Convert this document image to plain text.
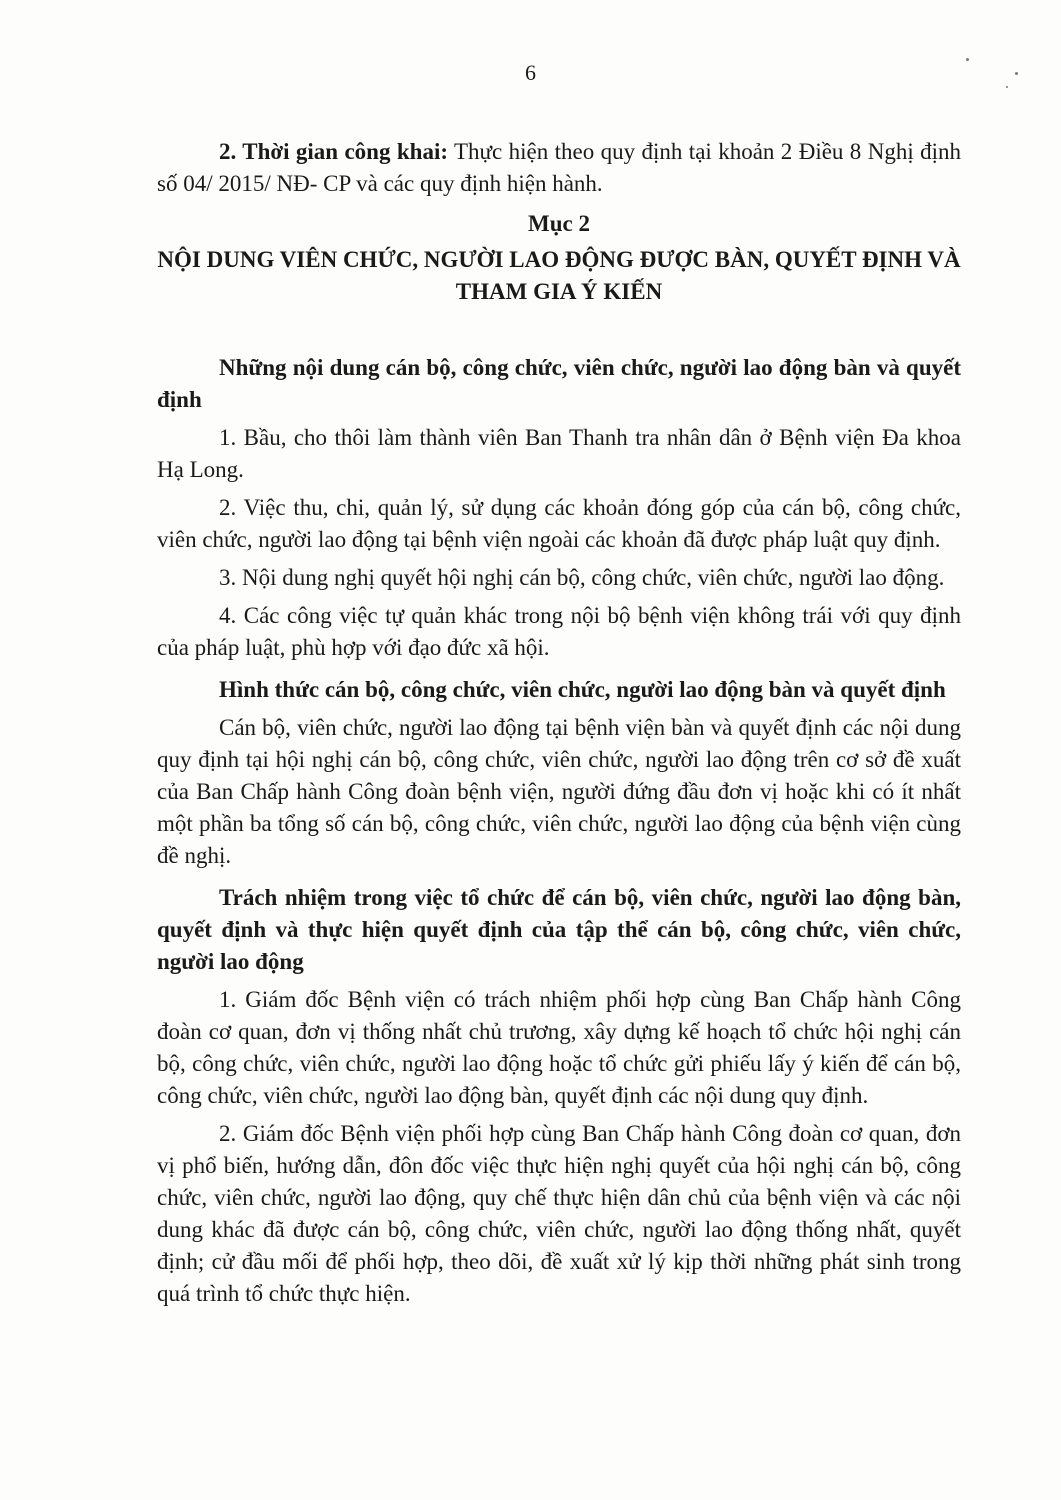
6

2. Thời gian công khai: Thực hiện theo quy định tại khoản 2 Điều 8 Nghị định số 04/ 2015/ NĐ- CP và các quy định hiện hành.

Mục 2

NỘI DUNG VIÊN CHỨC, NGƯỜI LAO ĐỘNG ĐƯỢC BÀN, QUYẾT ĐỊNH VÀ THAM GIA Ý KIẾN

Những nội dung cán bộ, công chức, viên chức, người lao động bàn và quyết định

1. Bầu, cho thôi làm thành viên Ban Thanh tra nhân dân ở Bệnh viện Đa khoa Hạ Long.

2. Việc thu, chi, quản lý, sử dụng các khoản đóng góp của cán bộ, công chức, viên chức, người lao động tại bệnh viện ngoài các khoản đã được pháp luật quy định.

3. Nội dung nghị quyết hội nghị cán bộ, công chức, viên chức, người lao động.

4. Các công việc tự quản khác trong nội bộ bệnh viện không trái với quy định của pháp luật, phù hợp với đạo đức xã hội.

Hình thức cán bộ, công chức, viên chức, người lao động bàn và quyết định

Cán bộ, viên chức, người lao động tại bệnh viện bàn và quyết định các nội dung quy định tại hội nghị cán bộ, công chức, viên chức, người lao động trên cơ sở đề xuất của Ban Chấp hành Công đoàn bệnh viện, người đứng đầu đơn vị hoặc khi có ít nhất một phần ba tổng số cán bộ, công chức, viên chức, người lao động của bệnh viện cùng đề nghị.

Trách nhiệm trong việc tổ chức để cán bộ, viên chức, người lao động bàn, quyết định và thực hiện quyết định của tập thể cán bộ, công chức, viên chức, người lao động

1. Giám đốc Bệnh viện có trách nhiệm phối hợp cùng Ban Chấp hành Công đoàn cơ quan, đơn vị thống nhất chủ trương, xây dựng kế hoạch tổ chức hội nghị cán bộ, công chức, viên chức, người lao động hoặc tổ chức gửi phiếu lấy ý kiến để cán bộ, công chức, viên chức, người lao động bàn, quyết định các nội dung quy định.

2. Giám đốc Bệnh viện phối hợp cùng Ban Chấp hành Công đoàn cơ quan, đơn vị phổ biến, hướng dẫn, đôn đốc việc thực hiện nghị quyết của hội nghị cán bộ, công chức, viên chức, người lao động, quy chế thực hiện dân chủ của bệnh viện và các nội dung khác đã được cán bộ, công chức, viên chức, người lao động thống nhất, quyết định; cử đầu mối để phối hợp, theo dõi, đề xuất xử lý kịp thời những phát sinh trong quá trình tổ chức thực hiện.
